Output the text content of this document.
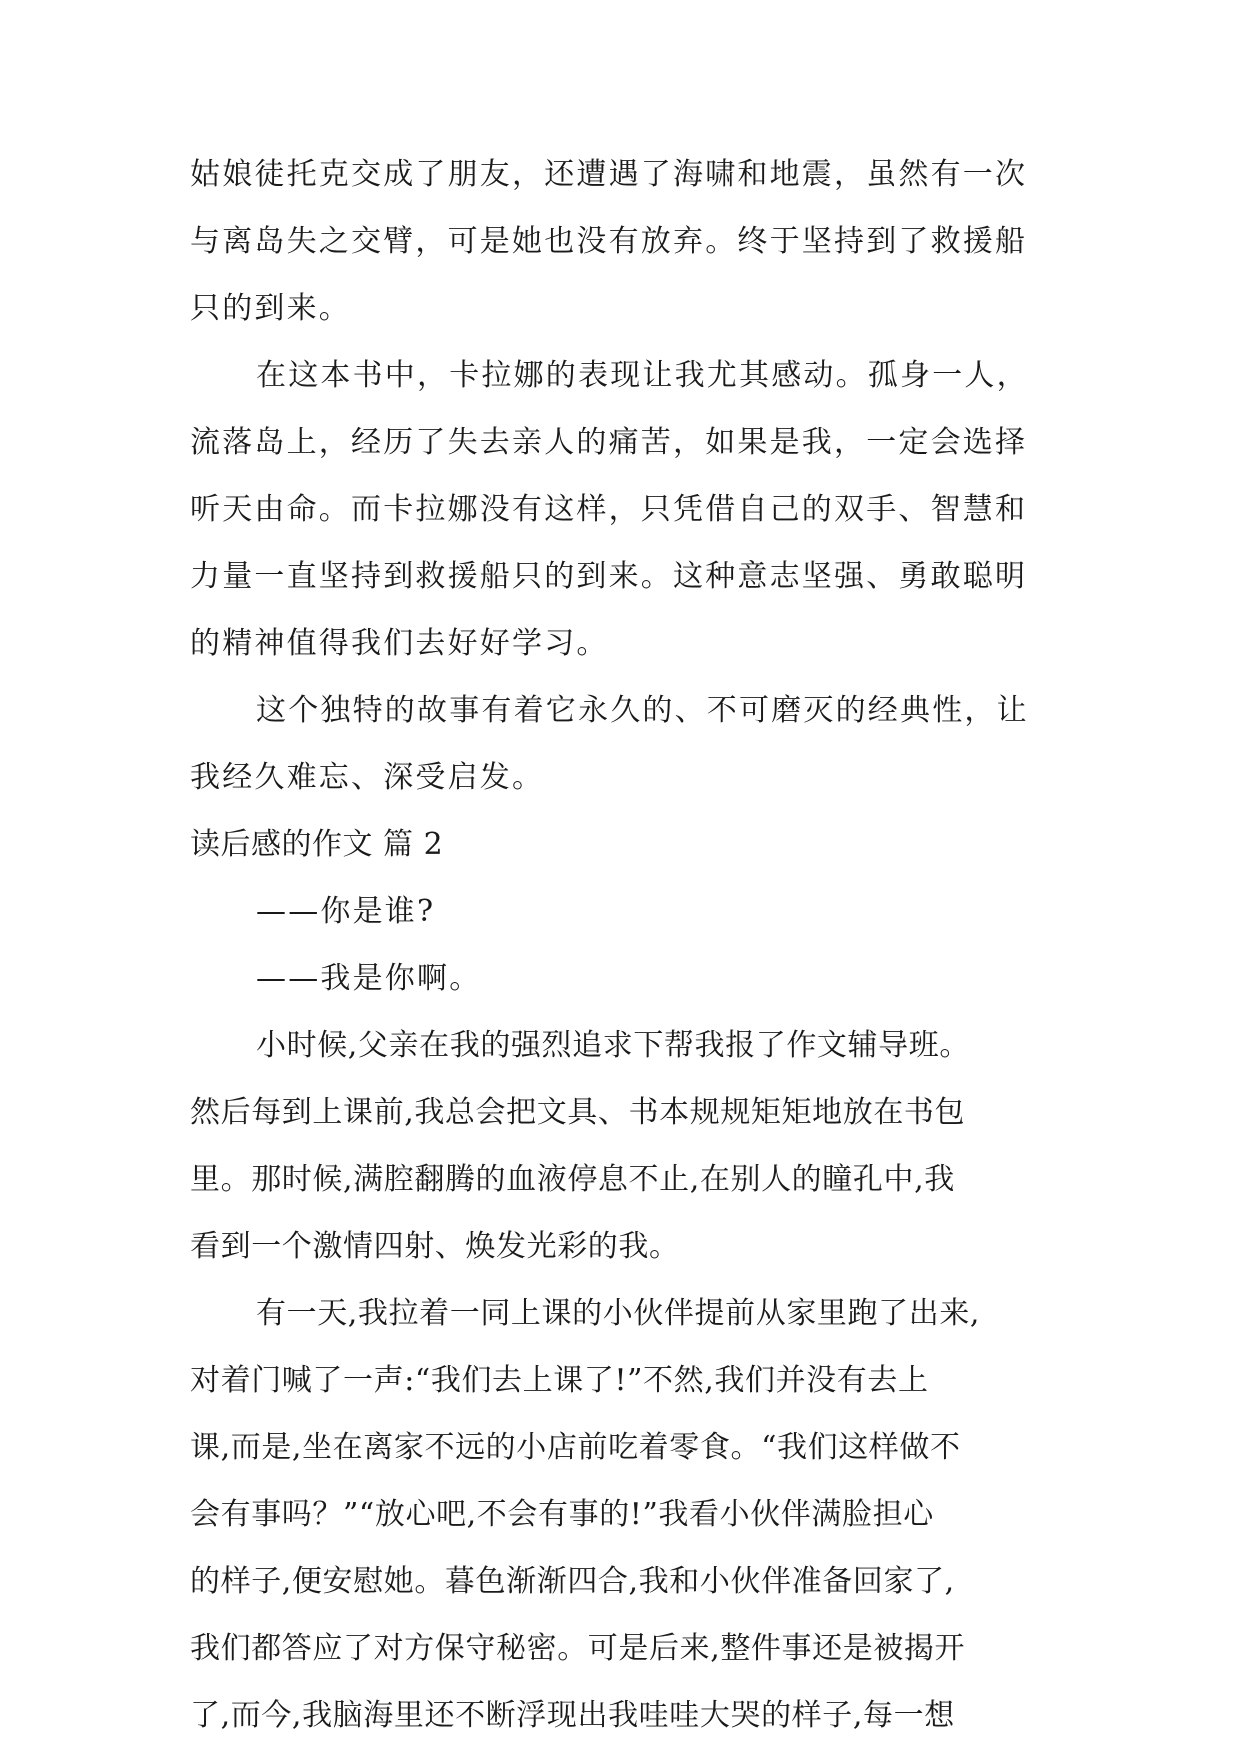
姑娘徒托克交成了朋友，还遭遇了海啸和地震，虽然有一次
与离岛失之交臂，可是她也没有放弃。终于坚持到了救援船
只的到来。
在这本书中，卡拉娜的表现让我尤其感动。孤身一人，
流落岛上，经历了失去亲人的痛苦，如果是我，一定会选择
听天由命。而卡拉娜没有这样，只凭借自己的双手、智慧和
力量一直坚持到救援船只的到来。这种意志坚强、勇敢聪明
的精神值得我们去好好学习。
这个独特的故事有着它永久的、不可磨灭的经典性，让
我经久难忘、深受启发。
读后感的作文 篇 2
——你是谁?
——我是你啊。
小时候,父亲在我的强烈追求下帮我报了作文辅导班。
然后每到上课前,我总会把文具、书本规规矩矩地放在书包
里。那时候,满腔翻腾的血液停息不止,在别人的瞳孔中,我
看到一个激情四射、焕发光彩的我。
有一天,我拉着一同上课的小伙伴提前从家里跑了出来,
对着门喊了一声:“我们去上课了!”不然,我们并没有去上
课,而是,坐在离家不远的小店前吃着零食。“我们这样做不
会有事吗？”“放心吧,不会有事的!”我看小伙伴满脸担心
的样子,便安慰她。暮色渐渐四合,我和小伙伴准备回家了,
我们都答应了对方保守秘密。可是后来,整件事还是被揭开
了,而今,我脑海里还不断浮现出我哇哇大哭的样子,每一想
